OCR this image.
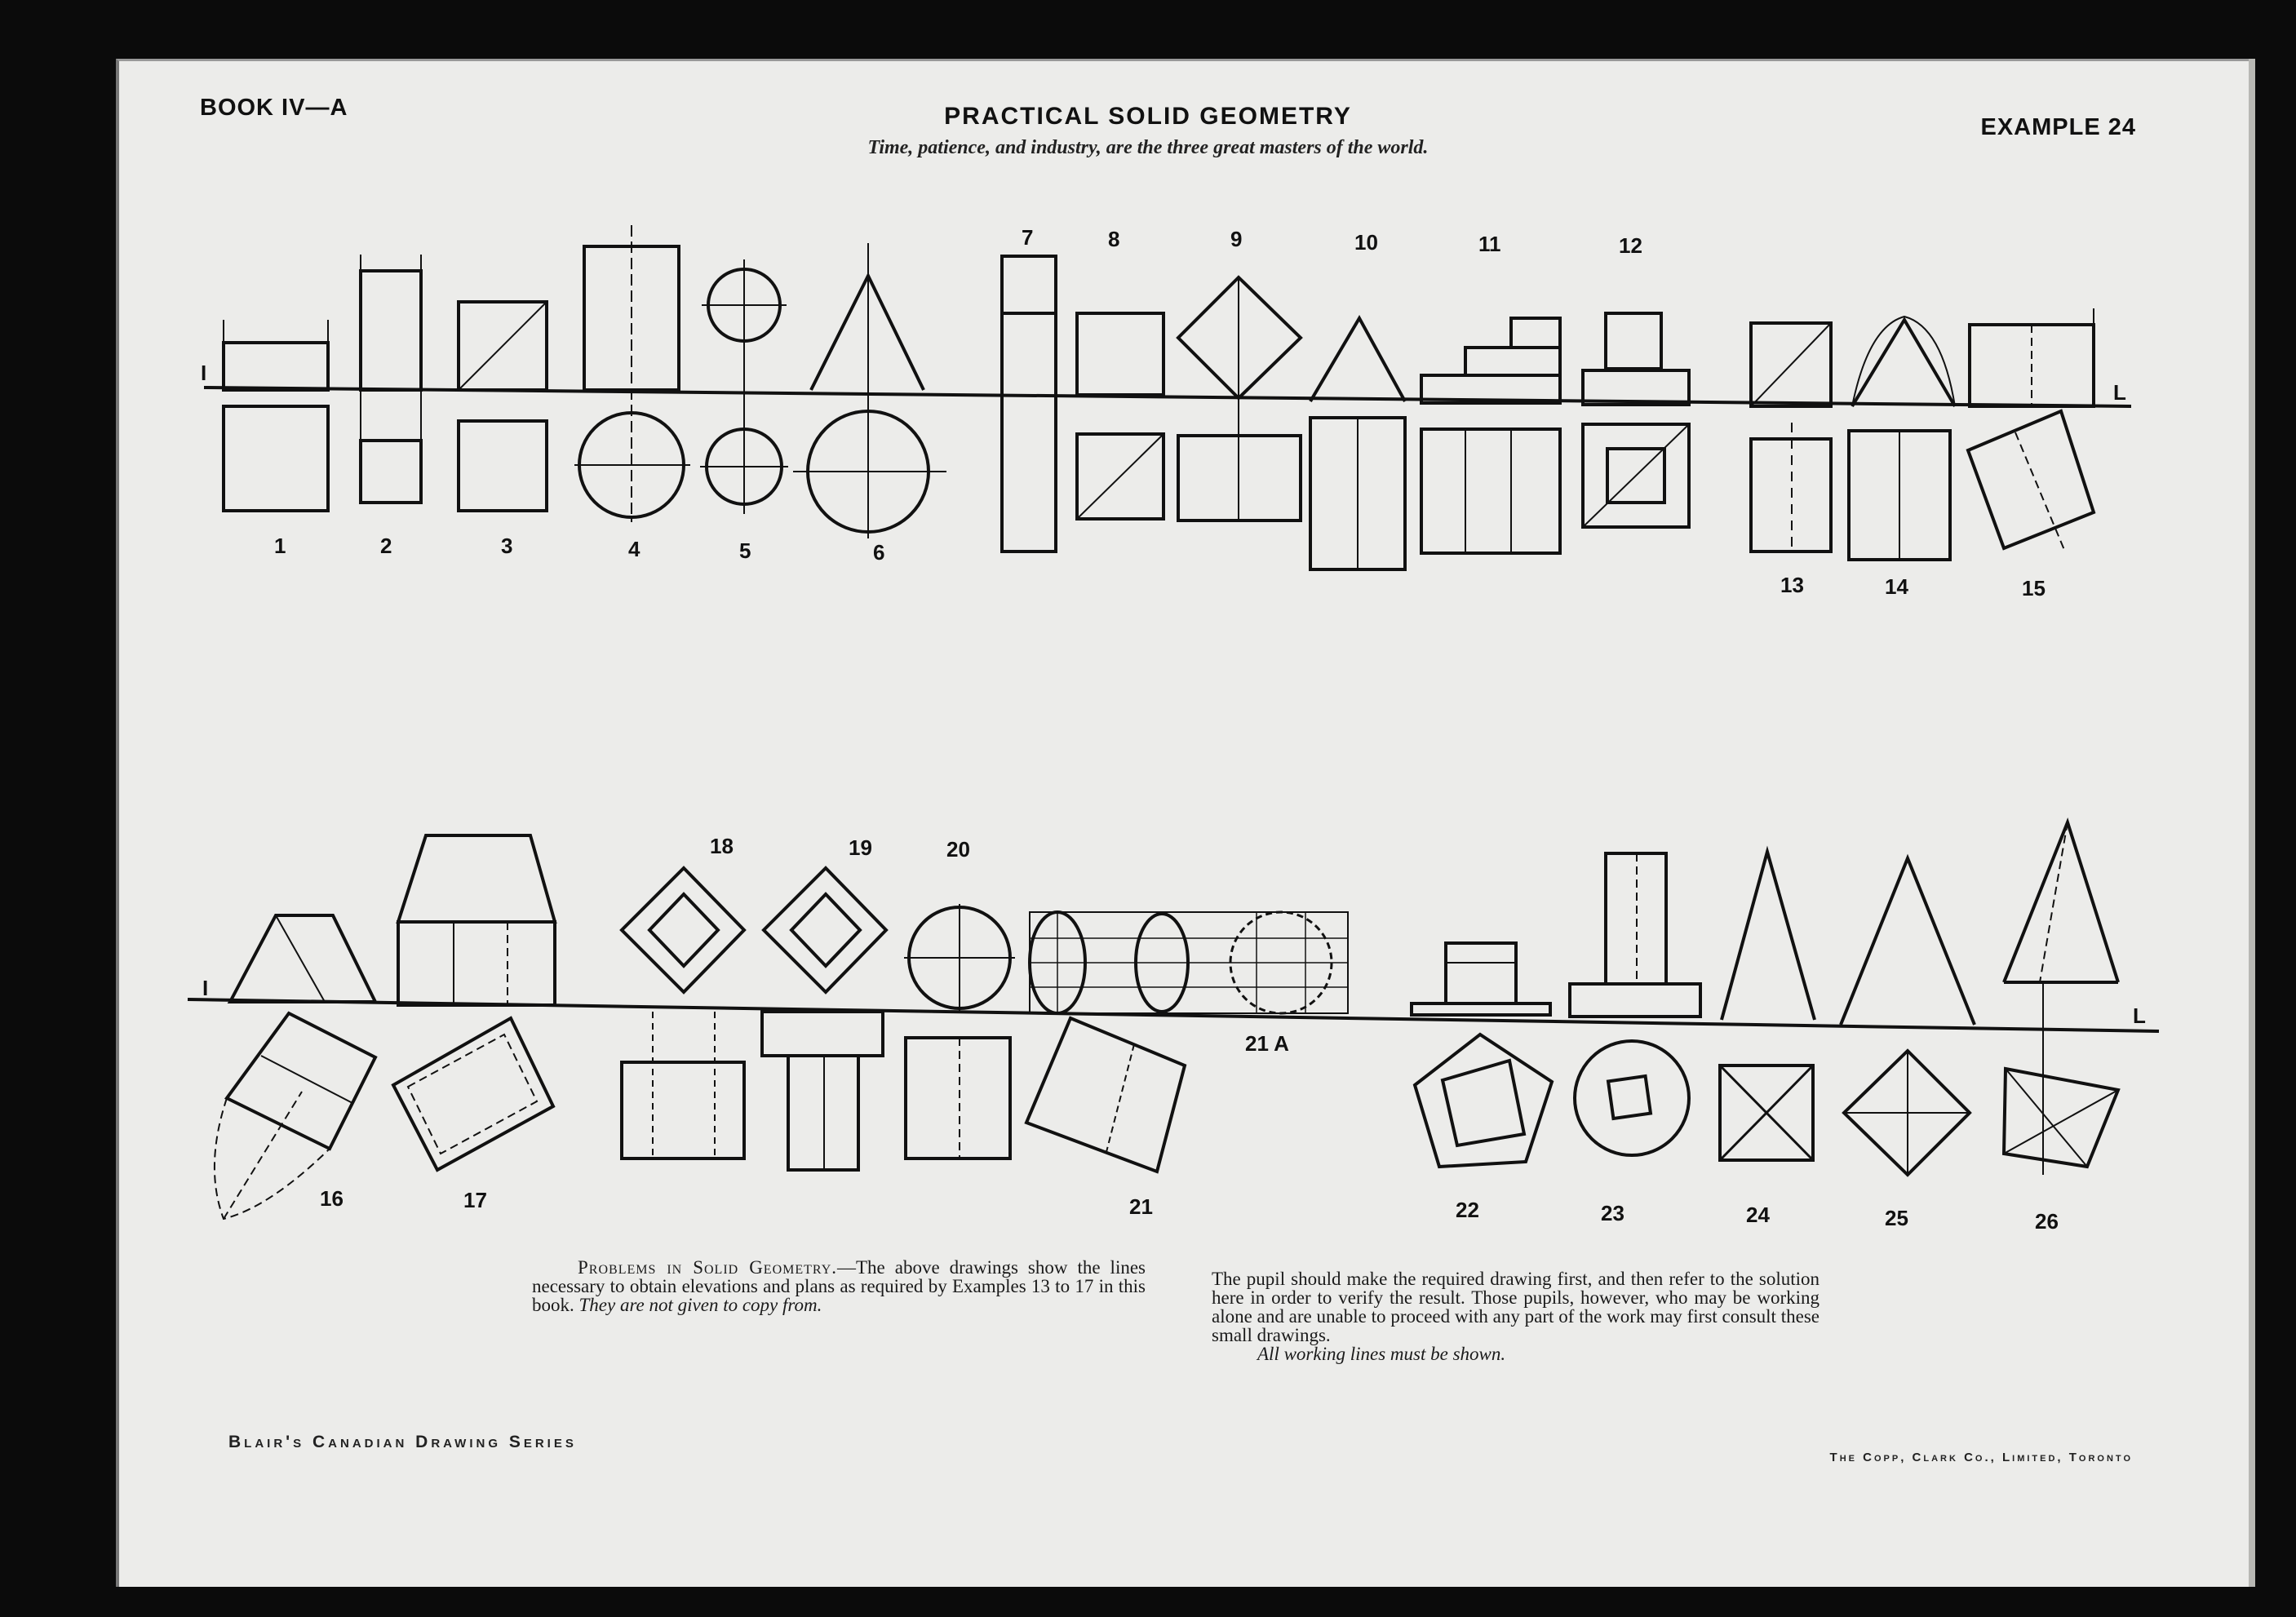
BOOK IV—A	PRACTICAL SOLID GEOMETRY
Time, patience, and industry, are the three great masters of the world.
EXAMPLE 24
I
L
I
L
1	2	3	4	5	6
7	8	9	10	11	12
13	14	15
16	17
18	19	20
21
21 A
22	23	24	25	26
Problems in Solid Geometry.—The above drawings show the lines necessary to obtain elevations and plans as required by Examples 13 to 17 in this book. They are not given to copy from.
The pupil should make the required drawing first, and then refer to the solution here in order to verify the result. Those pupils, however, who may be working alone and are unable to proceed with any part of the work may first consult these small drawings.
All working lines must be shown.
Blair's Canadian Drawing Series
The Copp, Clark Co., Limited, Toronto
